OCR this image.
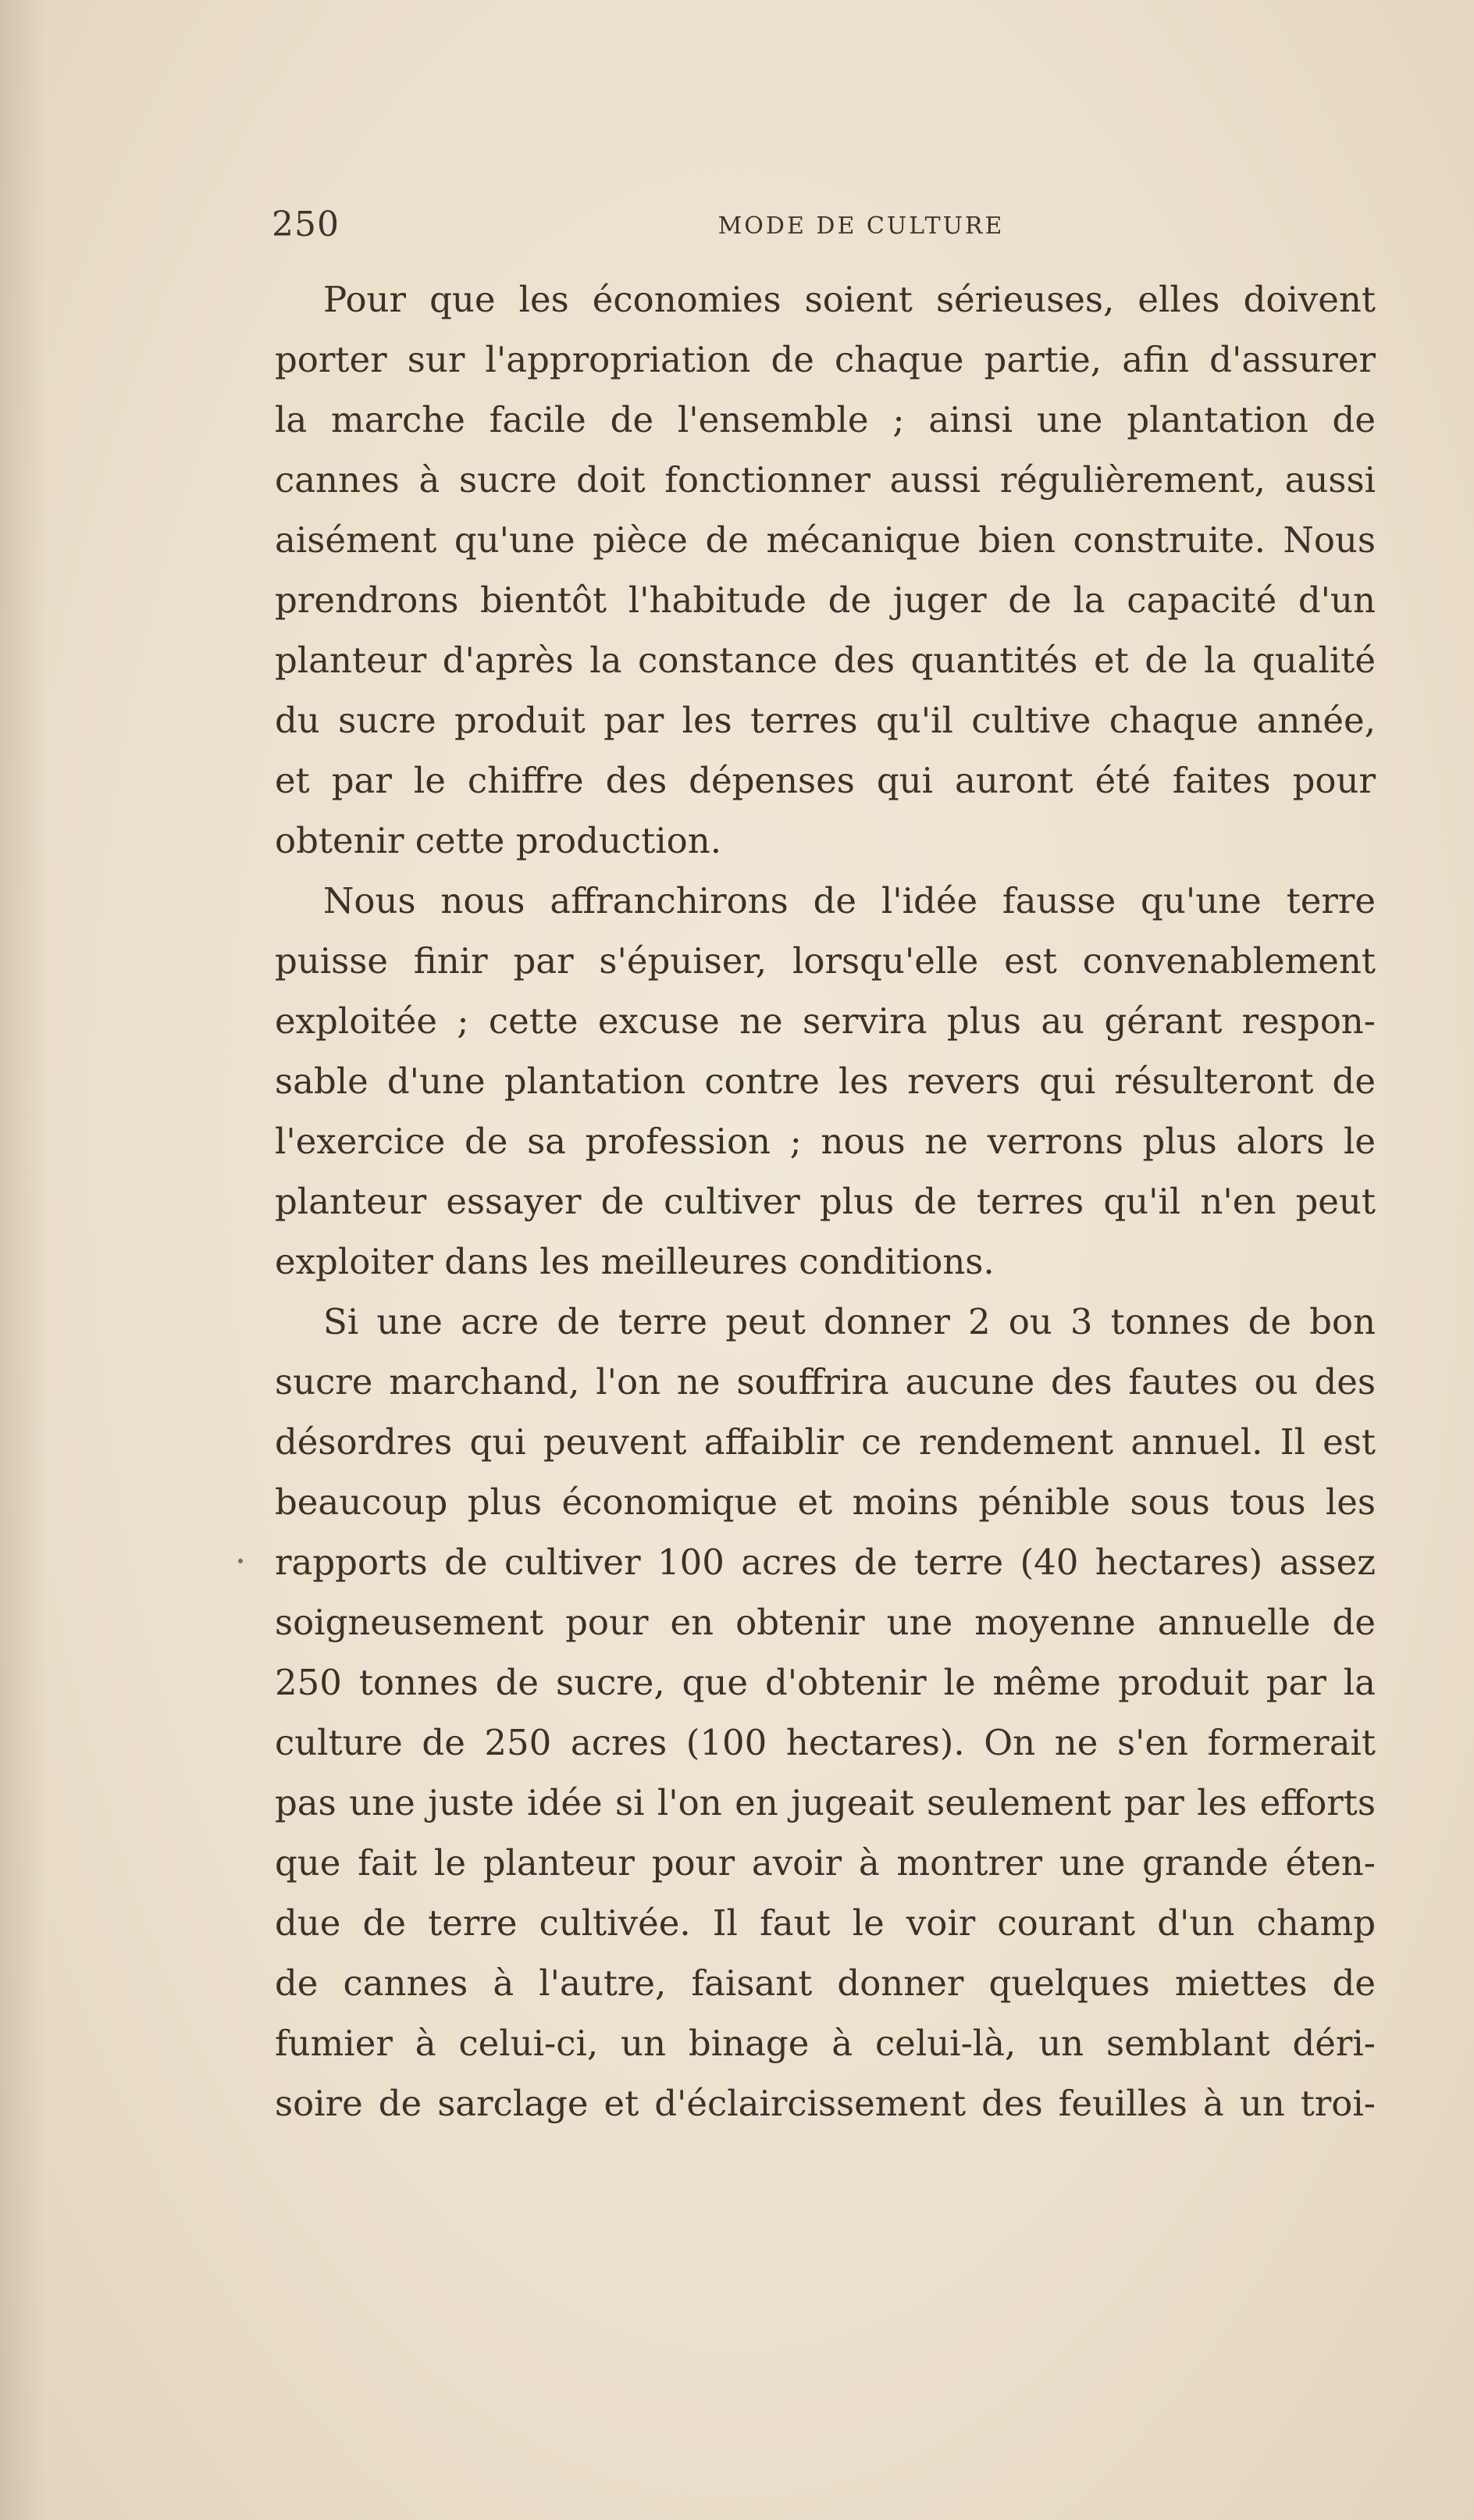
250	MODE DE CULTURE

Pour que les économies soient sérieuses, elles doivent
porter sur l'appropriation de chaque partie, afin d'assurer
la marche facile de l'ensemble ; ainsi une plantation de
cannes à sucre doit fonctionner aussi régulièrement, aussi
aisément qu'une pièce de mécanique bien construite. Nous
prendrons bientôt l'habitude de juger de la capacité d'un
planteur d'après la constance des quantités et de la qualité
du sucre produit par les terres qu'il cultive chaque année,
et par le chiffre des dépenses qui auront été faites pour
obtenir cette production.

Nous nous affranchirons de l'idée fausse qu'une terre
puisse finir par s'épuiser, lorsqu'elle est convenablement
exploitée ; cette excuse ne servira plus au gérant respon-
sable d'une plantation contre les revers qui résulteront de
l'exercice de sa profession ; nous ne verrons plus alors le
planteur essayer de cultiver plus de terres qu'il n'en peut
exploiter dans les meilleures conditions.

Si une acre de terre peut donner 2 ou 3 tonnes de bon
sucre marchand, l'on ne souffrira aucune des fautes ou des
désordres qui peuvent affaiblir ce rendement annuel. Il est
beaucoup plus économique et moins pénible sous tous les
rapports de cultiver 100 acres de terre (40 hectares) assez
soigneusement pour en obtenir une moyenne annuelle de
250 tonnes de sucre, que d'obtenir le même produit par la
culture de 250 acres (100 hectares). On ne s'en formerait
pas une juste idée si l'on en jugeait seulement par les efforts
que fait le planteur pour avoir à montrer une grande éten-
due de terre cultivée. Il faut le voir courant d'un champ
de cannes à l'autre, faisant donner quelques miettes de
fumier à celui-ci, un binage à celui-là, un semblant déri-
soire de sarclage et d'éclaircissement des feuilles à un troi-
